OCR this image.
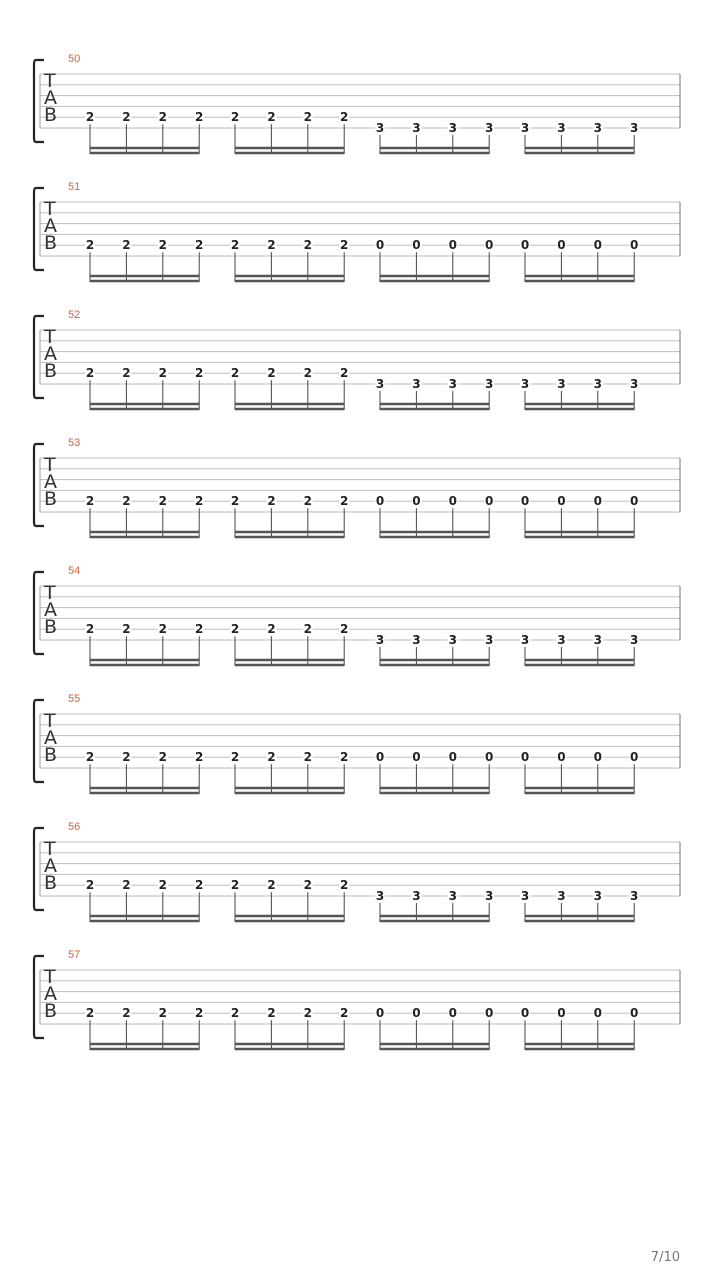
50
T
A
B 2 2 2 2 2 2 2 2
3 3 3 3 3 3 3 3
51
T
A
B 2 2 2 2 2 2 2 2 0 0 0 0 0 0 0 0
52
T
A
B 2 2 2 2 2 2 2 2
3 3 3 3 3 3 3 3
53
T
A
B 2 2 2 2 2 2 2 2 0 0 0 0 0 0 0 0
54
T
A
B 2 2 2 2 2 2 2 2
3 3 3 3 3 3 3 3
55
T
A
B 2 2 2 2 2 2 2 2 0 0 0 0 0 0 0 0
56
T
A
B 2 2 2 2 2 2 2 2
3 3 3 3 3 3 3 3
57
T
A
B 2 2 2 2 2 2 2 2 0 0 0 0 0 0 0 0
7/10
